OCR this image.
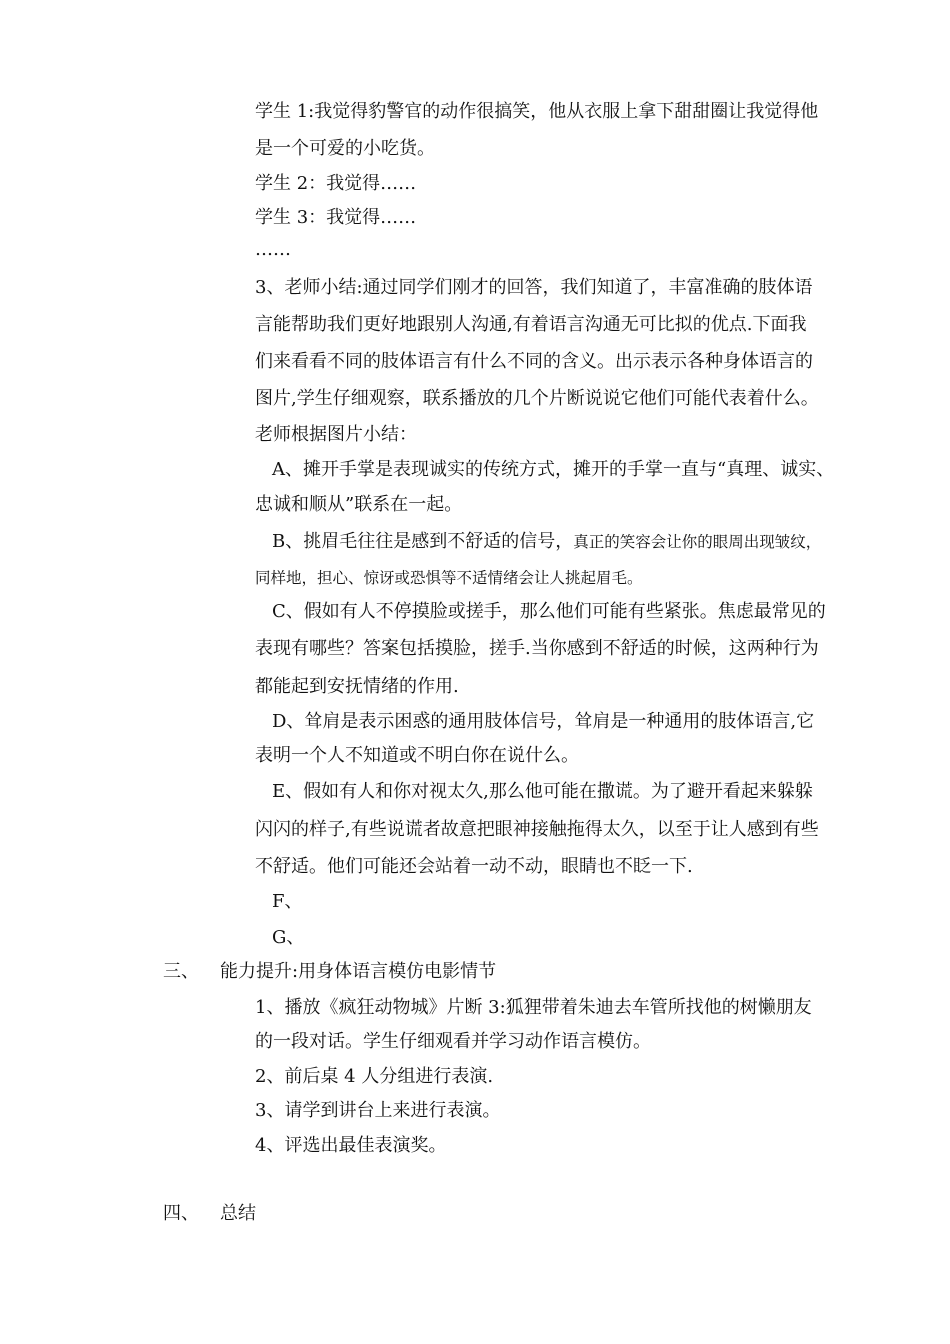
学生 1:我觉得豹警官的动作很搞笑，他从衣服上拿下甜甜圈让我觉得他
是一个可爱的小吃货。
学生 2：我觉得……
学生 3：我觉得……
……
3、老师小结:通过同学们刚才的回答，我们知道了，丰富准确的肢体语
言能帮助我们更好地跟别人沟通,有着语言沟通无可比拟的优点.下面我
们来看看不同的肢体语言有什么不同的含义。出示表示各种身体语言的
图片,学生仔细观察，联系播放的几个片断说说它他们可能代表着什么。
老师根据图片小结：
A、摊开手掌是表现诚实的传统方式，摊开的手掌一直与“真理、诚实、
忠诚和顺从”联系在一起。
B、挑眉毛往往是感到不舒适的信号，真正的笑容会让你的眼周出现皱纹，
同样地，担心、惊讶或恐惧等不适情绪会让人挑起眉毛。
C、假如有人不停摸脸或搓手，那么他们可能有些紧张。焦虑最常见的
表现有哪些？答案包括摸脸，搓手.当你感到不舒适的时候，这两种行为
都能起到安抚情绪的作用.
D、耸肩是表示困惑的通用肢体信号，耸肩是一种通用的肢体语言,它
表明一个人不知道或不明白你在说什么。
E、假如有人和你对视太久,那么他可能在撒谎。为了避开看起来躲躲
闪闪的样子,有些说谎者故意把眼神接触拖得太久，以至于让人感到有些
不舒适。他们可能还会站着一动不动，眼睛也不眨一下.
F、
G、
三、 能力提升:用身体语言模仿电影情节
1、播放《疯狂动物城》片断 3:狐狸带着朱迪去车管所找他的树懒朋友
的一段对话。学生仔细观看并学习动作语言模仿。
2、前后桌 4 人分组进行表演.
3、请学到讲台上来进行表演。
4、评选出最佳表演奖。
四、 总结
